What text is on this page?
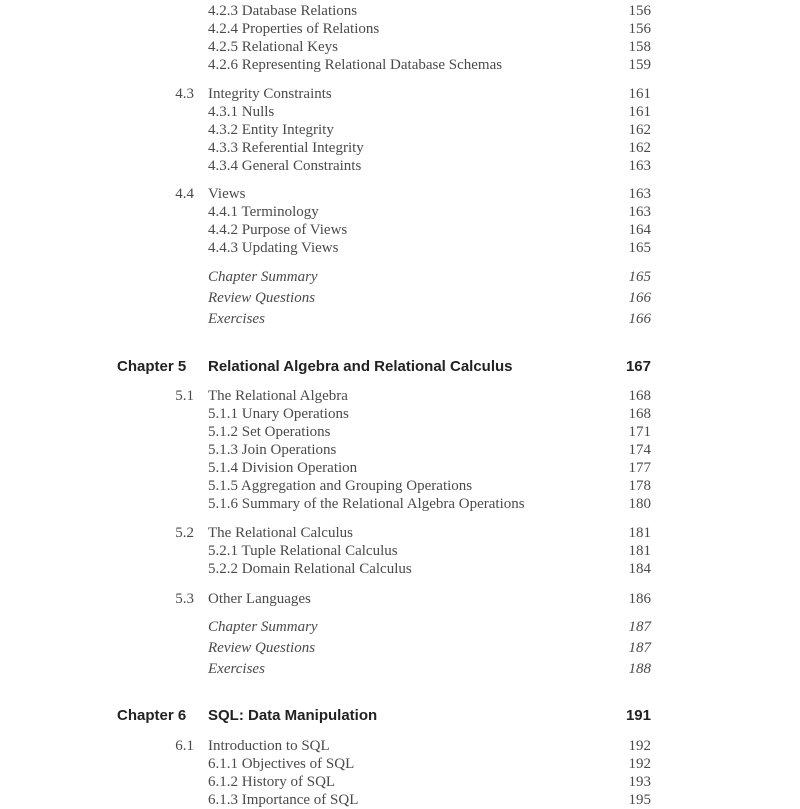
4.2.3 Database Relations	156
4.2.4 Properties of Relations	156
4.2.5 Relational Keys	158
4.2.6 Representing Relational Database Schemas	159
4.3 Integrity Constraints	161
4.3.1 Nulls	161
4.3.2 Entity Integrity	162
4.3.3 Referential Integrity	162
4.3.4 General Constraints	163
4.4 Views	163
4.4.1 Terminology	163
4.4.2 Purpose of Views	164
4.4.3 Updating Views	165
Chapter Summary	165
Review Questions	166
Exercises	166
Chapter 5 Relational Algebra and Relational Calculus	167
5.1 The Relational Algebra	168
5.1.1 Unary Operations	168
5.1.2 Set Operations	171
5.1.3 Join Operations	174
5.1.4 Division Operation	177
5.1.5 Aggregation and Grouping Operations	178
5.1.6 Summary of the Relational Algebra Operations	180
5.2 The Relational Calculus	181
5.2.1 Tuple Relational Calculus	181
5.2.2 Domain Relational Calculus	184
5.3 Other Languages	186
Chapter Summary	187
Review Questions	187
Exercises	188
Chapter 6 SQL: Data Manipulation	191
6.1 Introduction to SQL	192
6.1.1 Objectives of SQL	192
6.1.2 History of SQL	193
6.1.3 Importance of SQL	195
